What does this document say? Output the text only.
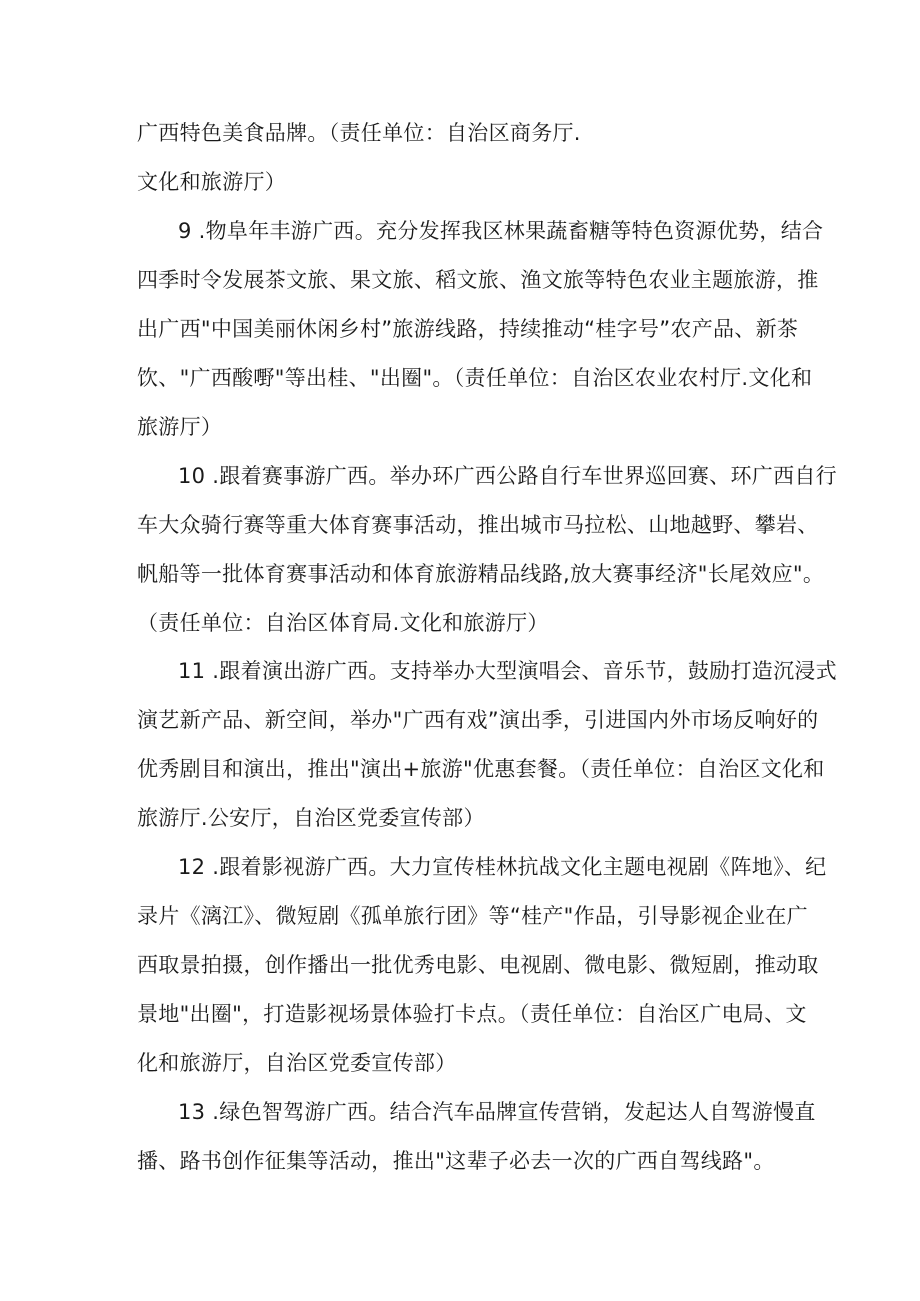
广西特色美食品牌。（责任单位：自治区商务厅.
文化和旅游厅）
9 .物阜年丰游广西。充分发挥我区林果蔬畜糖等特色资源优势，结合
四季时令发展茶文旅、果文旅、稻文旅、渔文旅等特色农业主题旅游，推
出广西"中国美丽休闲乡村”旅游线路，持续推动“桂字号”农产品、新茶
饮、"广西酸嘢"等出桂、"出圈"。（责任单位：自治区农业农村厅.文化和
旅游厅）
10 .跟着赛事游广西。举办环广西公路自行车世界巡回赛、环广西自行
车大众骑行赛等重大体育赛事活动，推出城市马拉松、山地越野、攀岩、
帆船等一批体育赛事活动和体育旅游精品线路,放大赛事经济"长尾效应"。
（责任单位：自治区体育局.文化和旅游厅）
11 .跟着演出游广西。支持举办大型演唱会、音乐节，鼓励打造沉浸式
演艺新产品、新空间，举办"广西有戏”演出季，引进国内外市场反响好的
优秀剧目和演出，推出"演出+旅游"优惠套餐。（责任单位：自治区文化和
旅游厅.公安厅，自治区党委宣传部）
12 .跟着影视游广西。大力宣传桂林抗战文化主题电视剧《阵地》、纪
录片《漓江》、微短剧《孤单旅行团》等“桂产"作品，引导影视企业在广
西取景拍摄，创作播出一批优秀电影、电视剧、微电影、微短剧，推动取
景地"出圈"，打造影视场景体验打卡点。（责任单位：自治区广电局、文
化和旅游厅，自治区党委宣传部）
13 .绿色智驾游广西。结合汽车品牌宣传营销，发起达人自驾游慢直
播、路书创作征集等活动，推出"这辈子必去一次的广西自驾线路"。
